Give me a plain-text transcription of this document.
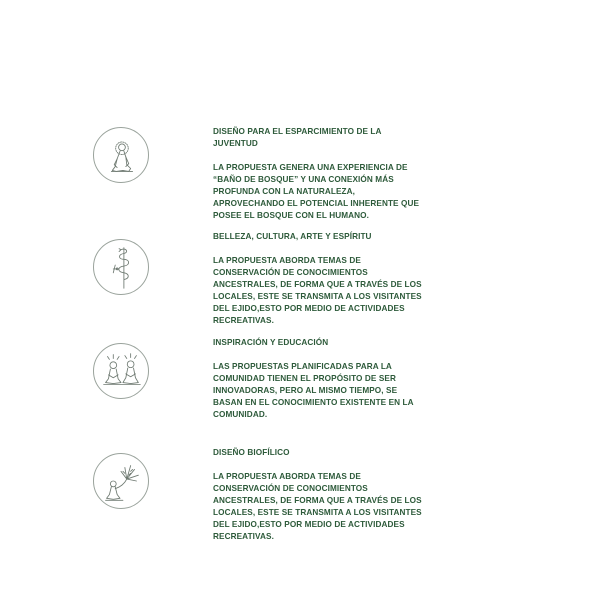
DISEÑO PARA EL ESPARCIMIENTO DE LA JUVENTUD
LA PROPUESTA GENERA UNA EXPERIENCIA DE “BAÑO DE BOSQUE” Y UNA CONEXIÓN MÁS PROFUNDA CON LA NATURALEZA, APROVECHANDO EL POTENCIAL INHERENTE QUE POSEE EL BOSQUE CON EL HUMANO.
BELLEZA, CULTURA, ARTE Y ESPÍRITU
LA PROPUESTA ABORDA TEMAS DE CONSERVACIÓN DE CONOCIMIENTOS ANCESTRALES, DE FORMA QUE A TRAVÉS DE LOS LOCALES, ESTE SE TRANSMITA A LOS VISITANTES DEL EJIDO,ESTO POR MEDIO DE ACTIVIDADES RECREATIVAS.
INSPIRACIÓN Y EDUCACIÓN
LAS PROPUESTAS PLANIFICADAS PARA LA COMUNIDAD TIENEN EL PROPÓSITO DE SER INNOVADORAS, PERO AL MISMO TIEMPO, SE BASAN EN EL CONOCIMIENTO EXISTENTE EN LA COMUNIDAD.
DISEÑO BIOFÍLICO
LA PROPUESTA ABORDA TEMAS DE CONSERVACIÓN DE CONOCIMIENTOS ANCESTRALES, DE FORMA QUE A TRAVÉS DE LOS LOCALES, ESTE SE TRANSMITA A LOS VISITANTES DEL EJIDO,ESTO POR MEDIO DE ACTIVIDADES RECREATIVAS.
